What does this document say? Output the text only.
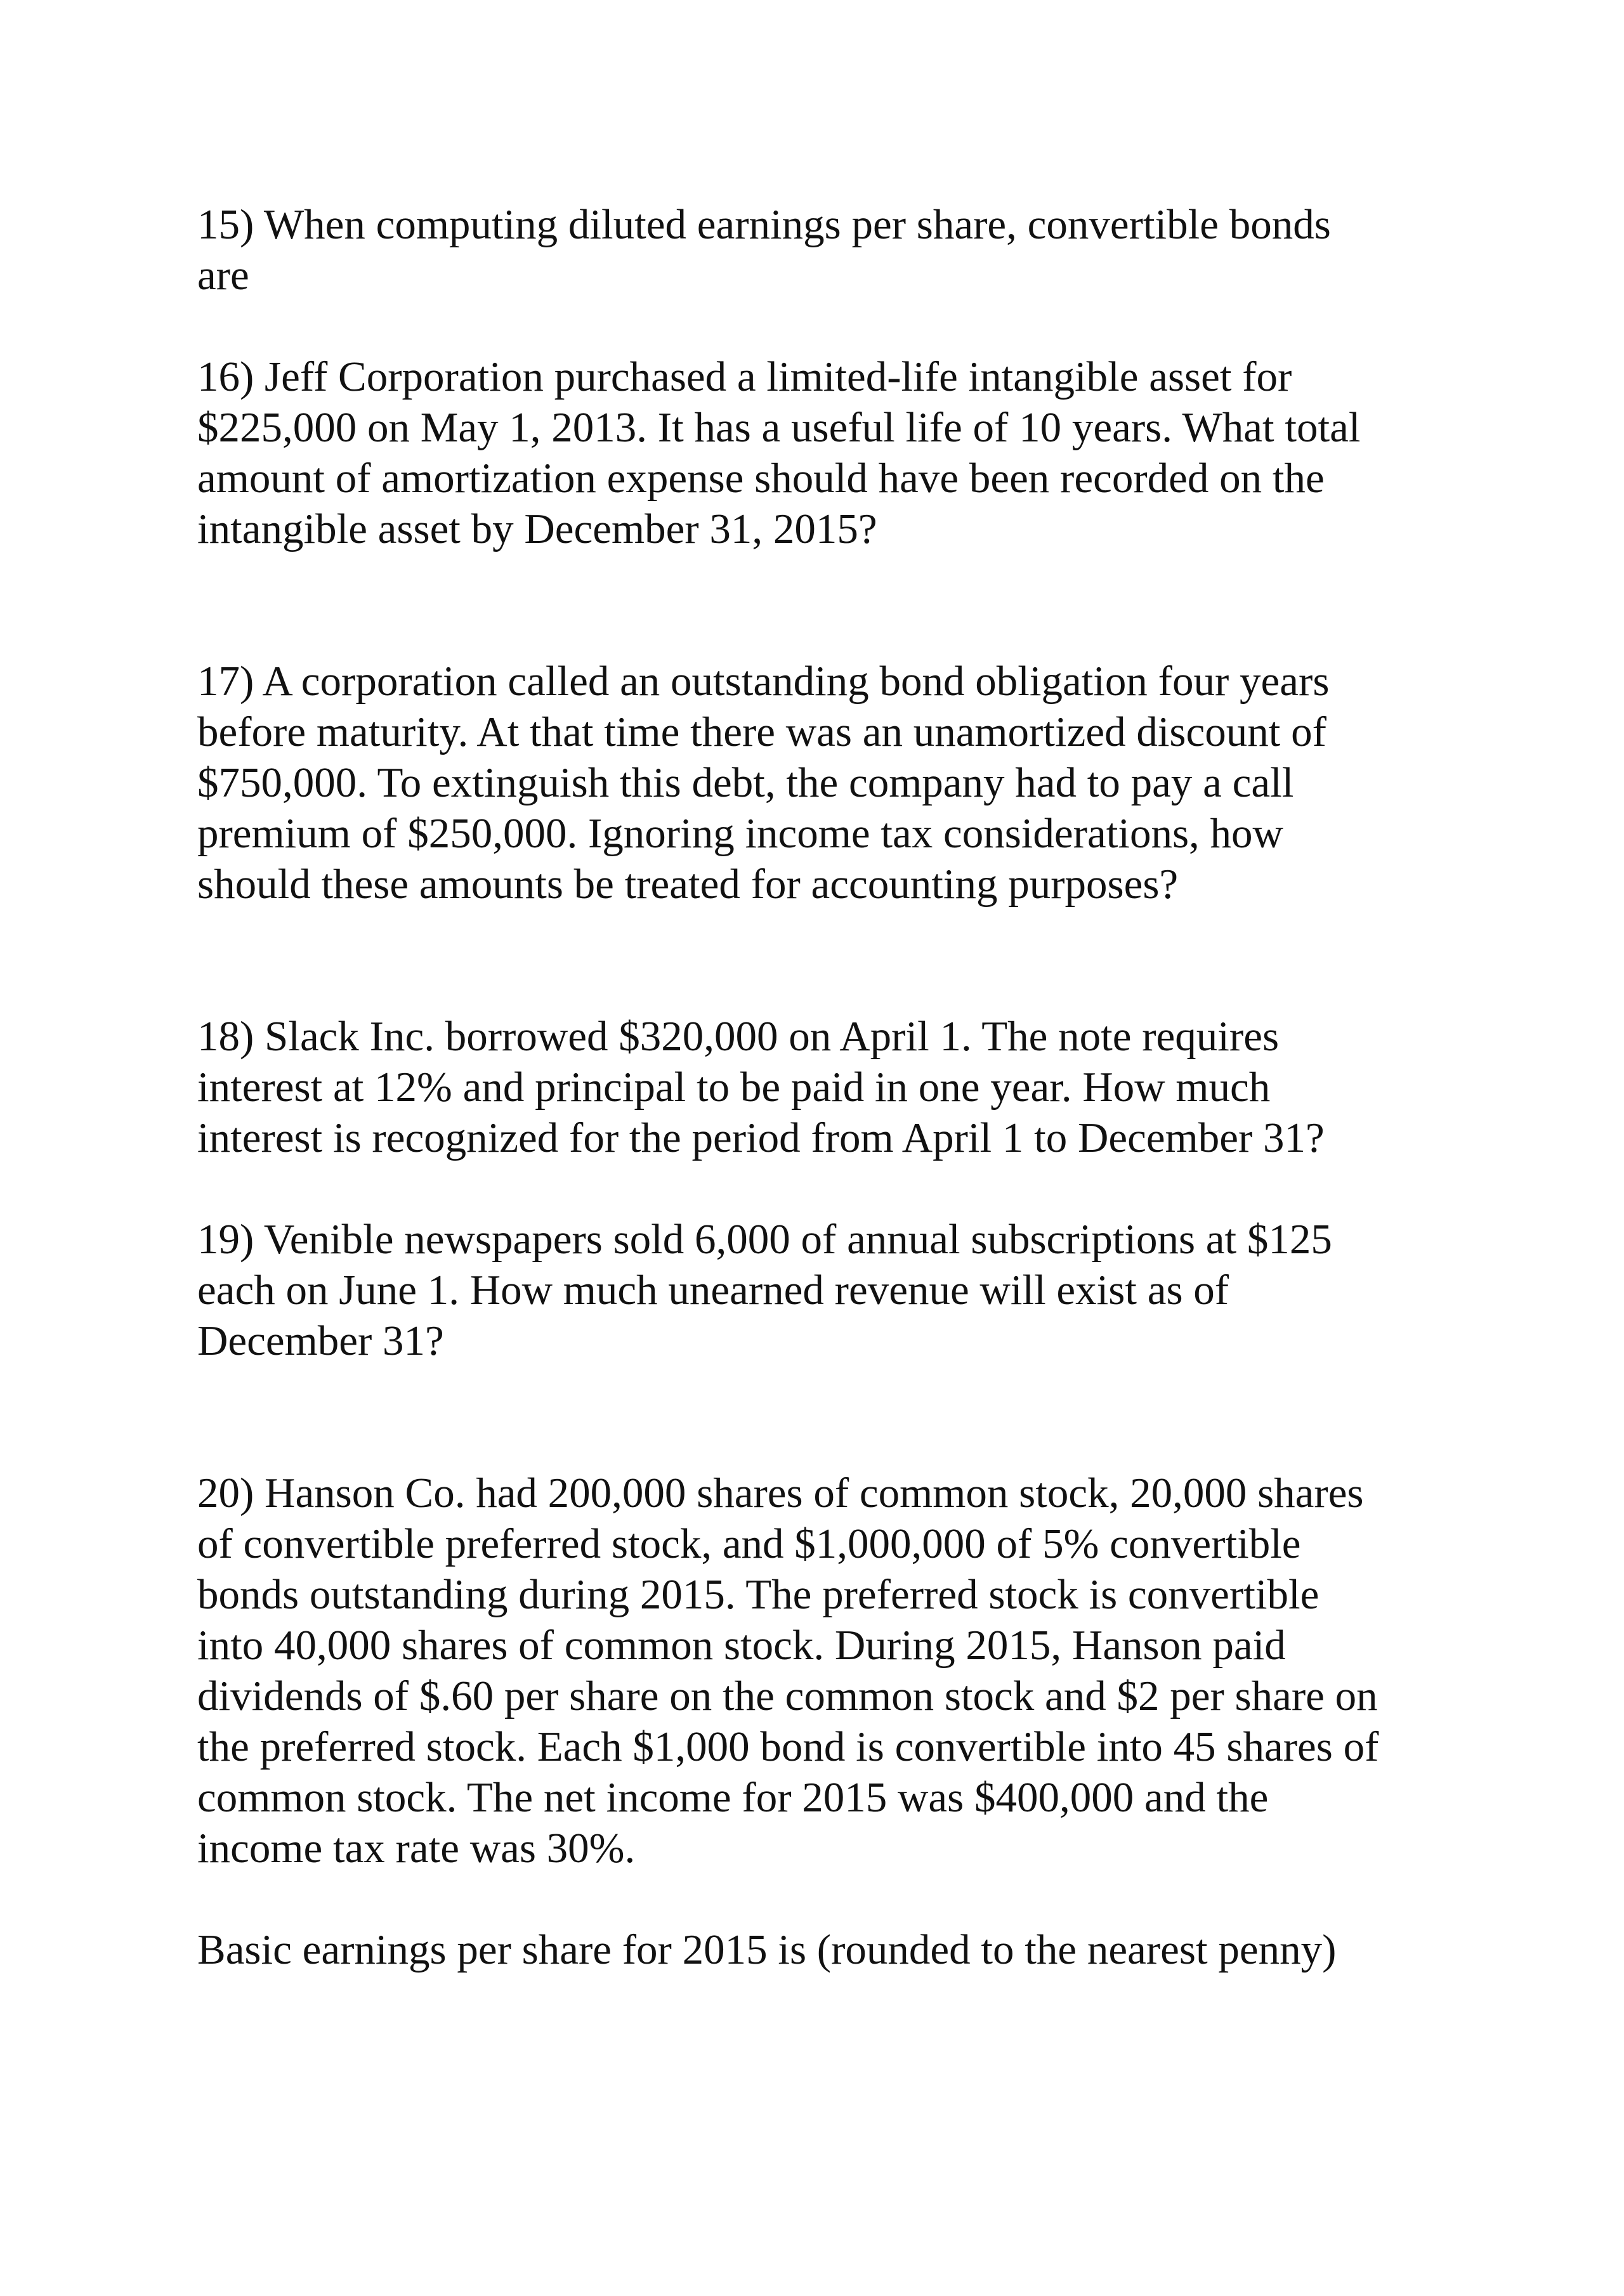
15) When computing diluted earnings per share, convertible bonds
are

16) Jeff Corporation purchased a limited-life intangible asset for
$225,000 on May 1, 2013. It has a useful life of 10 years. What total
amount of amortization expense should have been recorded on the
intangible asset by December 31, 2015?

17) A corporation called an outstanding bond obligation four years
before maturity. At that time there was an unamortized discount of
$750,000. To extinguish this debt, the company had to pay a call
premium of $250,000. Ignoring income tax considerations, how
should these amounts be treated for accounting purposes?

18) Slack Inc. borrowed $320,000 on April 1. The note requires
interest at 12% and principal to be paid in one year. How much
interest is recognized for the period from April 1 to December 31?

19) Venible newspapers sold 6,000 of annual subscriptions at $125
each on June 1. How much unearned revenue will exist as of
December 31?

20) Hanson Co. had 200,000 shares of common stock, 20,000 shares
of convertible preferred stock, and $1,000,000 of 5% convertible
bonds outstanding during 2015. The preferred stock is convertible
into 40,000 shares of common stock. During 2015, Hanson paid
dividends of $.60 per share on the common stock and $2 per share on
the preferred stock. Each $1,000 bond is convertible into 45 shares of
common stock. The net income for 2015 was $400,000 and the
income tax rate was 30%.

Basic earnings per share for 2015 is (rounded to the nearest penny)
